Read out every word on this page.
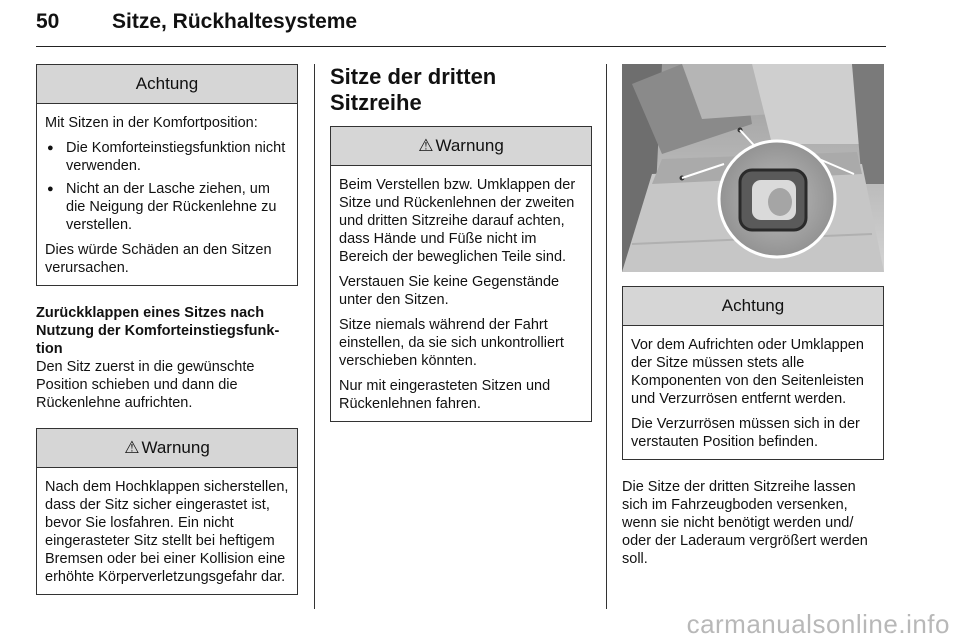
50	Sitze, Rückhaltesysteme
Achtung

Mit Sitzen in der Komfortposition:

● Die Komforteinstiegsfunktion nicht verwenden.
● Nicht an der Lasche ziehen, um die Neigung der Rückenlehne zu verstellen.

Dies würde Schäden an den Sitzen verursachen.

Zurückklappen eines Sitzes nach Nutzung der Komforteinstiegsfunktion

Den Sitz zuerst in die gewünschte Position schieben und dann die Rückenlehne aufrichten.

⚠ Warnung

Nach dem Hochklappen sicherstellen, dass der Sitz sicher eingerastet ist, bevor Sie losfahren. Ein nicht eingerasteter Sitz stellt bei heftigem Bremsen oder bei einer Kollision eine erhöhte Körperverletzungsgefahr dar.

Sitze der dritten Sitzreihe
⚠ Warnung

Beim Verstellen bzw. Umklappen der Sitze und Rückenlehnen der zweiten und dritten Sitzreihe darauf achten, dass Hände und Füße nicht im Bereich der beweglichen Teile sind.

Verstauen Sie keine Gegenstände unter den Sitzen.

Sitze niemals während der Fahrt einstellen, da sie sich unkontrolliert verschieben könnten.

Nur mit eingerasteten Sitzen und Rückenlehnen fahren.

Achtung

Vor dem Aufrichten oder Umklappen der Sitze müssen stets alle Komponenten von den Seitenleisten und Verzurrösen entfernt werden.

Die Verzurrösen müssen sich in der verstauten Position befinden.

Die Sitze der dritten Sitzreihe lassen sich im Fahrzeugboden versenken, wenn sie nicht benötigt werden und/ oder der Laderaum vergrößert werden soll.

carmanualsonline.info
